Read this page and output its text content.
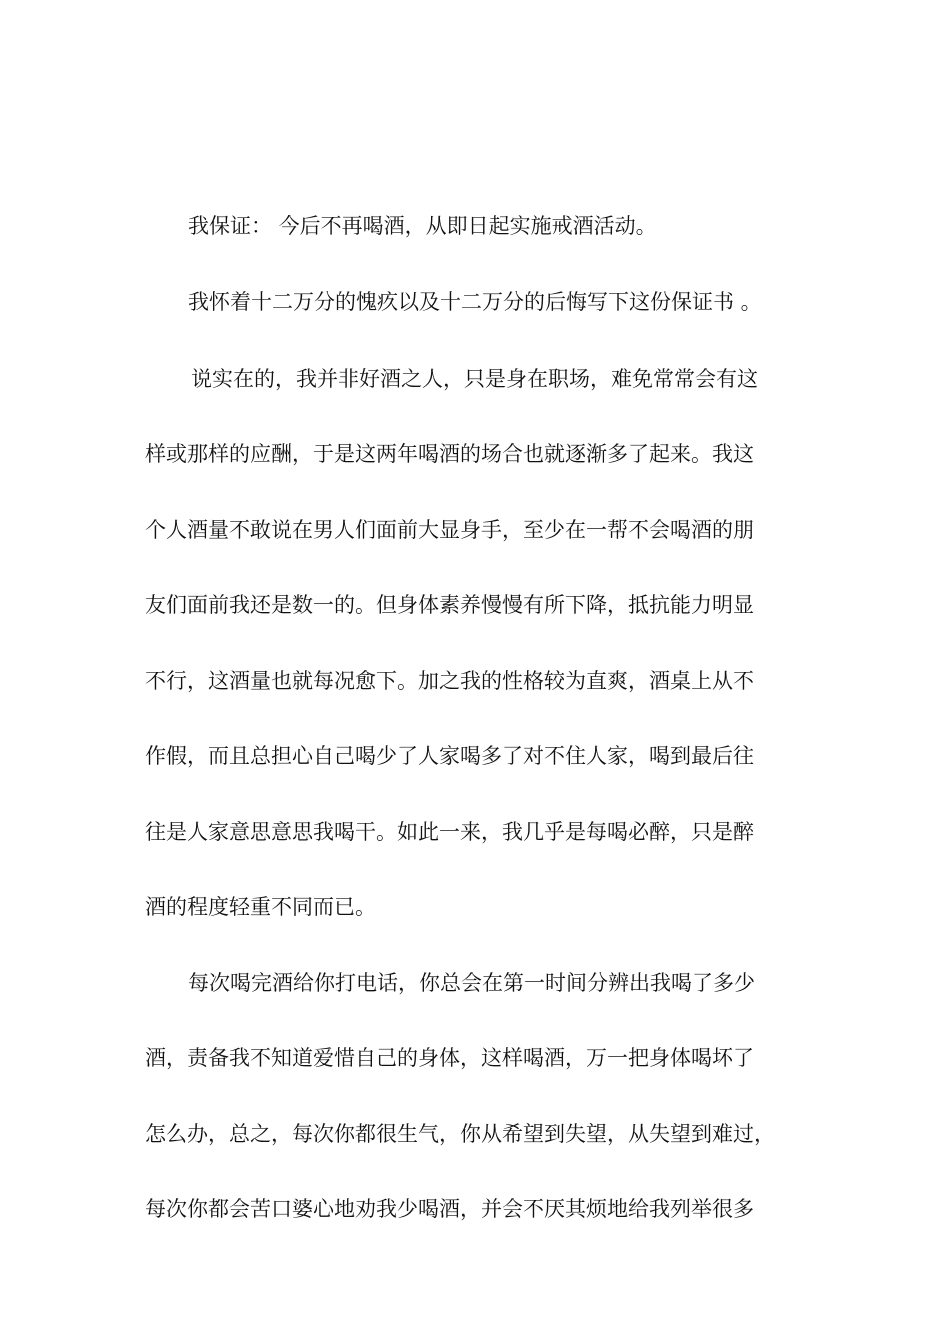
我保证： 今后不再喝酒，从即日起实施戒酒活动。
我怀着十二万分的愧疚以及十二万分的后悔写下这份保证书 。
说实在的，我并非好酒之人，只是身在职场，难免常常会有这
样或那样的应酬，于是这两年喝酒的场合也就逐渐多了起来。我这
个人酒量不敢说在男人们面前大显身手，至少在一帮不会喝酒的朋
友们面前我还是数一的。但身体素养慢慢有所下降，抵抗能力明显
不行，这酒量也就每况愈下。加之我的性格较为直爽，酒桌上从不
作假，而且总担心自己喝少了人家喝多了对不住人家，喝到最后往
往是人家意思意思我喝干。如此一来，我几乎是每喝必醉，只是醉
酒的程度轻重不同而已。
每次喝完酒给你打电话，你总会在第一时间分辨出我喝了多少
酒，责备我不知道爱惜自己的身体，这样喝酒，万一把身体喝坏了
怎么办，总之，每次你都很生气，你从希望到失望，从失望到难过，
每次你都会苦口婆心地劝我少喝酒，并会不厌其烦地给我列举很多
